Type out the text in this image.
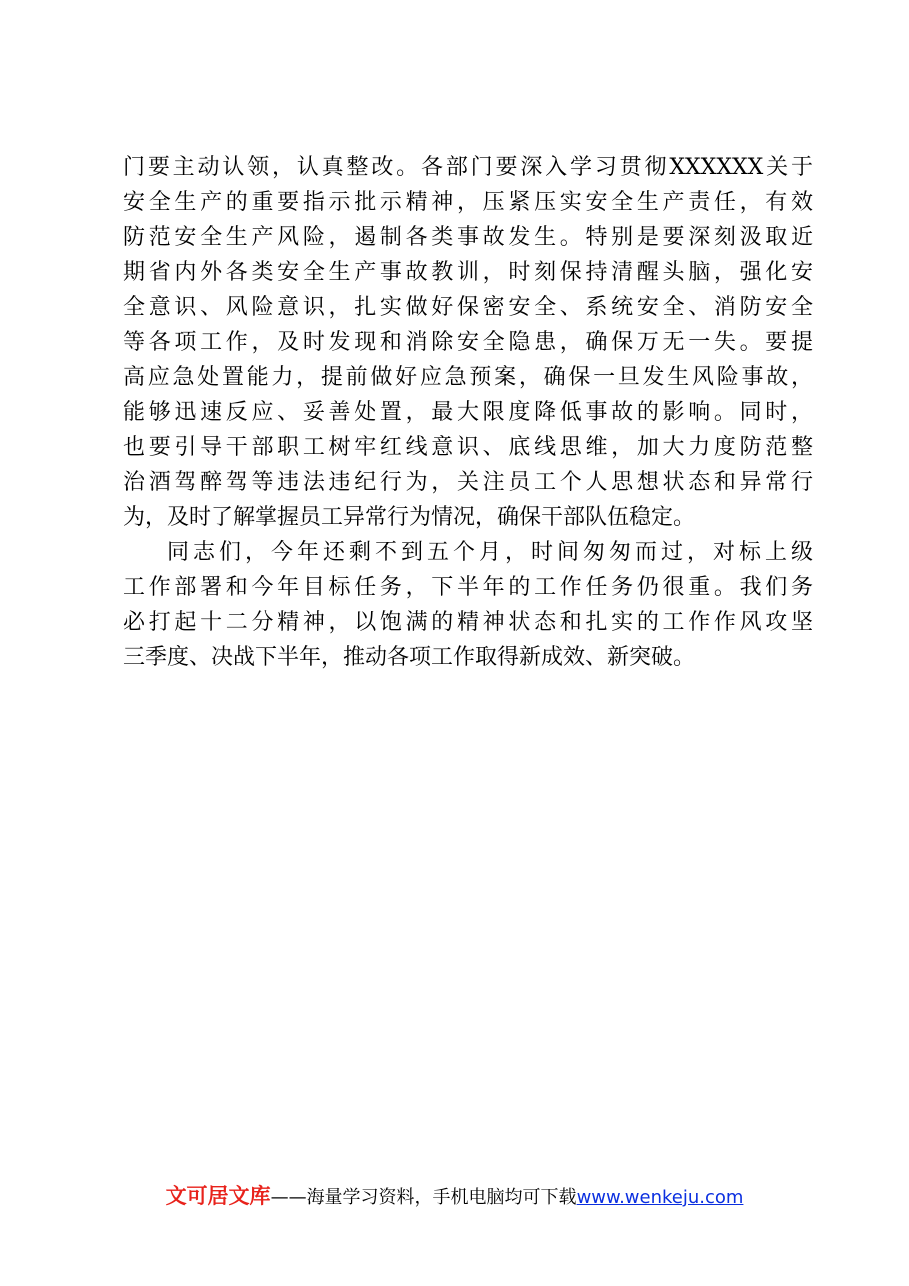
门要主动认领，认真整改。各部门要深入学习贯彻XXXXXX关于
安全生产的重要指示批示精神，压紧压实安全生产责任，有效
防范安全生产风险，遏制各类事故发生。特别是要深刻汲取近
期省内外各类安全生产事故教训，时刻保持清醒头脑，强化安
全意识、风险意识，扎实做好保密安全、系统安全、消防安全
等各项工作，及时发现和消除安全隐患，确保万无一失。要提
高应急处置能力，提前做好应急预案，确保一旦发生风险事故，
能够迅速反应、妥善处置，最大限度降低事故的影响。同时，
也要引导干部职工树牢红线意识、底线思维，加大力度防范整
治酒驾醉驾等违法违纪行为，关注员工个人思想状态和异常行
为，及时了解掌握员工异常行为情况，确保干部队伍稳定。
同志们，今年还剩不到五个月，时间匆匆而过，对标上级
工作部署和今年目标任务，下半年的工作任务仍很重。我们务
必打起十二分精神，以饱满的精神状态和扎实的工作作风攻坚
三季度、决战下半年，推动各项工作取得新成效、新突破。
文可居文库——海量学习资料，手机电脑均可下载www.wenkeju.com
